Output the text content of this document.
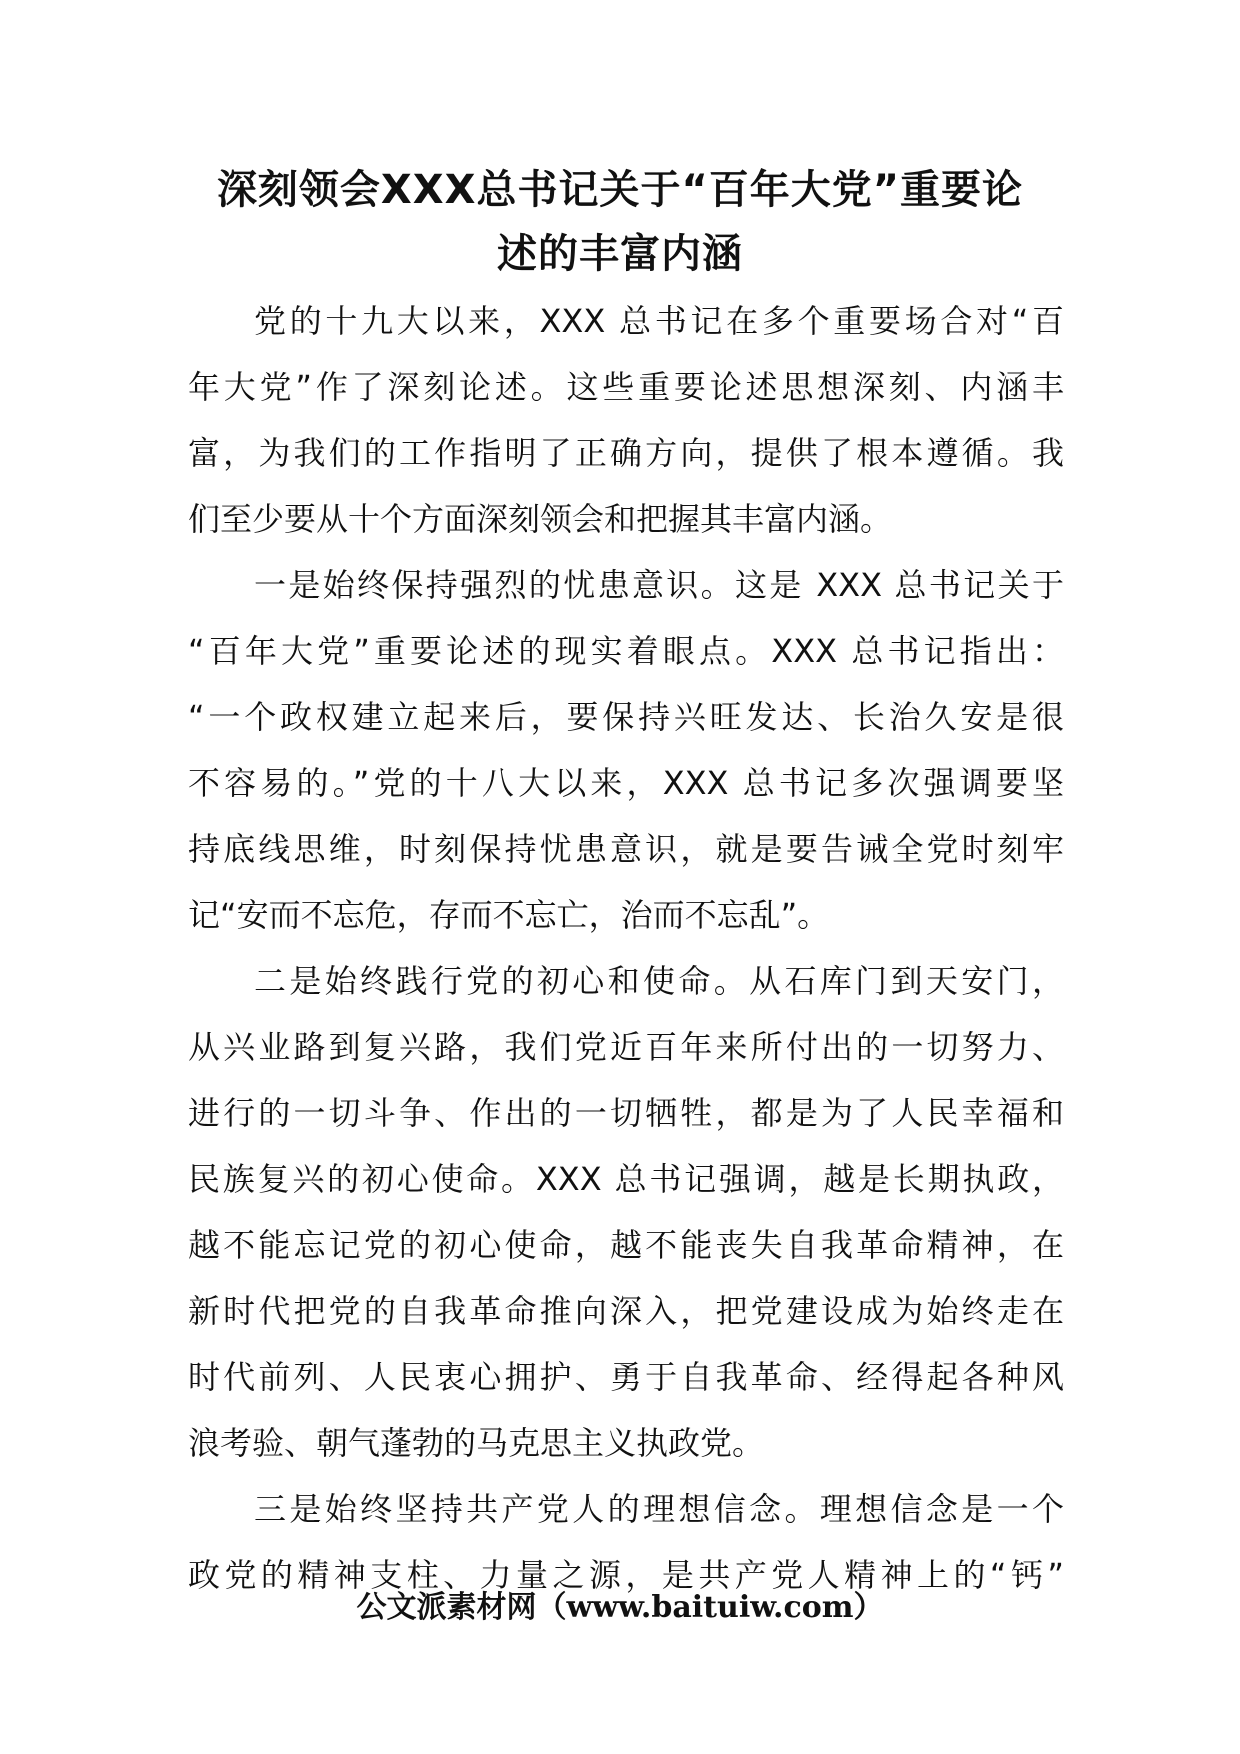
深刻领会XXX总书记关于“百年大党”重要论
述的丰富内涵
党的十九大以来，XXX 总书记在多个重要场合对“百
年大党”作了深刻论述。这些重要论述思想深刻、内涵丰
富，为我们的工作指明了正确方向，提供了根本遵循。我
们至少要从十个方面深刻领会和把握其丰富内涵。
一是始终保持强烈的忧患意识。这是 XXX 总书记关于
“百年大党”重要论述的现实着眼点。XXX 总书记指出：
“一个政权建立起来后，要保持兴旺发达、长治久安是很
不容易的。”党的十八大以来，XXX 总书记多次强调要坚
持底线思维，时刻保持忧患意识，就是要告诫全党时刻牢
记“安而不忘危，存而不忘亡，治而不忘乱”。
二是始终践行党的初心和使命。从石库门到天安门，
从兴业路到复兴路，我们党近百年来所付出的一切努力、
进行的一切斗争、作出的一切牺牲，都是为了人民幸福和
民族复兴的初心使命。XXX 总书记强调，越是长期执政，
越不能忘记党的初心使命，越不能丧失自我革命精神，在
新时代把党的自我革命推向深入，把党建设成为始终走在
时代前列、人民衷心拥护、勇于自我革命、经得起各种风
浪考验、朝气蓬勃的马克思主义执政党。
三是始终坚持共产党人的理想信念。理想信念是一个
政党的精神支柱、力量之源，是共产党人精神上的“钙”
公文派素材网（www.baituiw.com）
